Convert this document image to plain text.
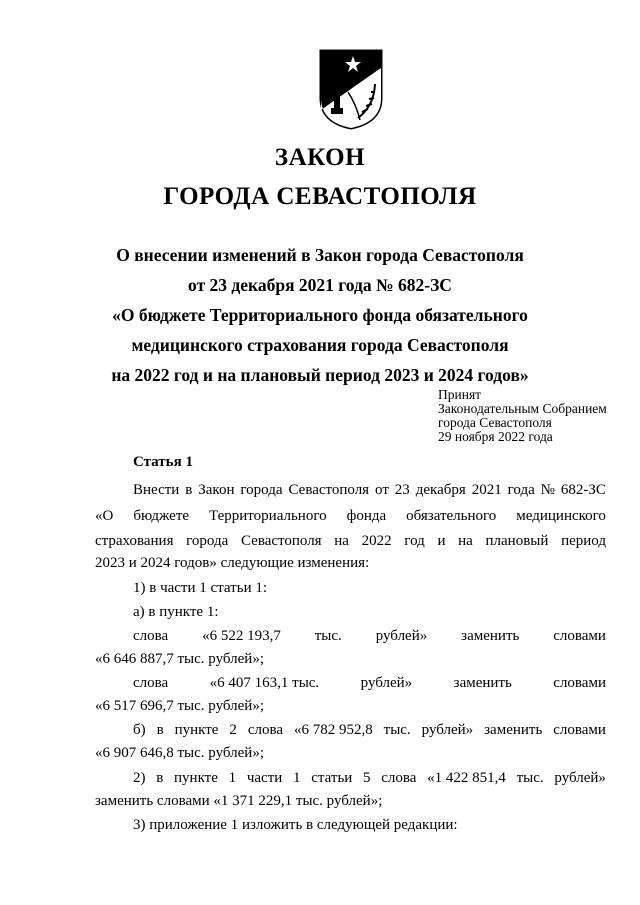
ЗАКОН
ГОРОДА СЕВАСТОПОЛЯ
О внесении изменений в Закон города Севастополя
от 23 декабря 2021 года № 682-ЗС
«О бюджете Территориального фонда обязательного
медицинского страхования города Севастополя
на 2022 год и на плановый период 2023 и 2024 годов»
Принят
Законодательным Собранием
города Севастополя
29 ноября 2022 года
Статья 1
Внести в Закон города Севастополя от 23 декабря 2021 года № 682-ЗС
«О бюджете Территориального фонда обязательного медицинского
страхования города Севастополя на 2022 год и на плановый период
2023 и 2024 годов» следующие изменения:
1) в части 1 статьи 1:
а) в пункте 1:
слова «6 522 193,7 тыс. рублей» заменить словами
«6 646 887,7 тыс. рублей»;
слова	«6 407 163,1 тыс.	рублей»	заменить	словами
«6 517 696,7 тыс. рублей»;
б) в пункте 2 слова «6 782 952,8 тыс. рублей» заменить словами
«6 907 646,8 тыс. рублей»;
2) в пункте 1 части 1 статьи 5 слова «1 422 851,4 тыс. рублей»
заменить словами «1 371 229,1 тыс. рублей»;
3) приложение 1 изложить в следующей редакции:
